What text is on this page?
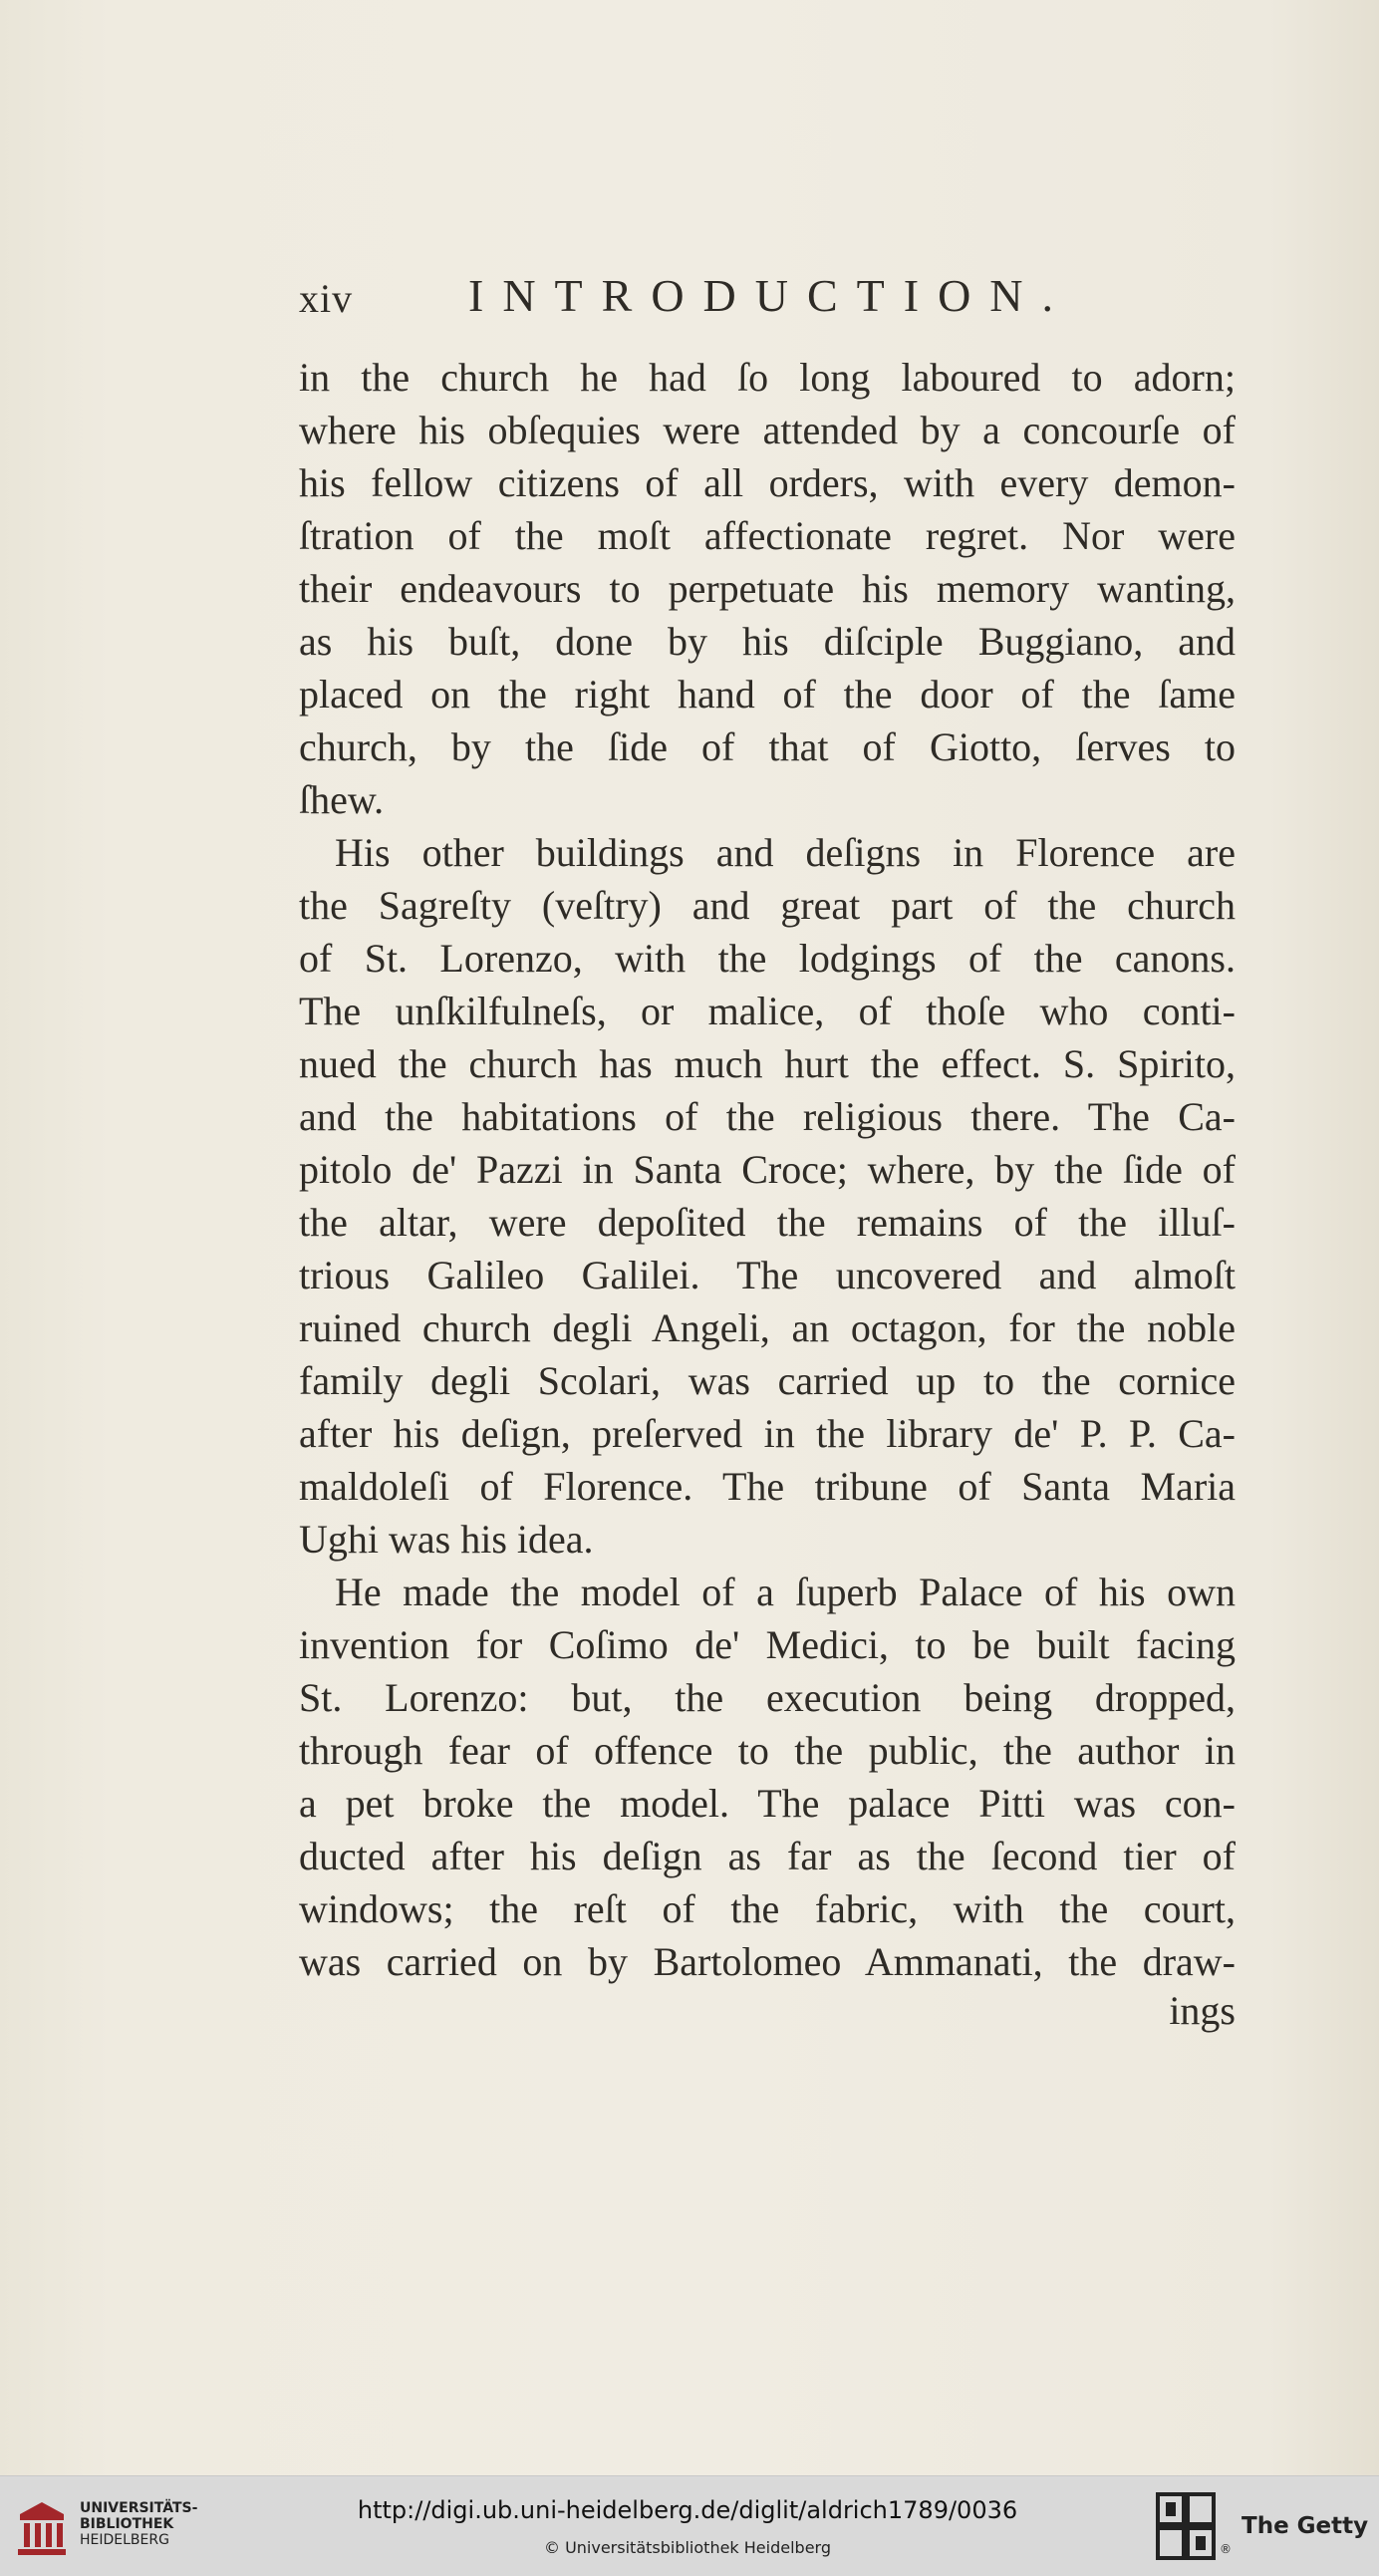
xiv	INTRODUCTION.
in the church he had ſo long laboured to adorn;
where his obſequies were attended by a concourſe of
his fellow citizens of all orders, with every demon-
ſtration of the moſt affectionate regret. Nor were
their endeavours to perpetuate his memory wanting,
as his buſt, done by his diſciple Buggiano, and
placed on the right hand of the door of the ſame
church, by the ſide of that of Giotto, ſerves to
ſhew.
His other buildings and deſigns in Florence are
the Sagreſty (veſtry) and great part of the church
of St. Lorenzo, with the lodgings of the canons.
The unſkilfulneſs, or malice, of thoſe who conti-
nued the church has much hurt the effect. S. Spirito,
and the habitations of the religious there. The Ca-
pitolo de' Pazzi in Santa Croce; where, by the ſide of
the altar, were depoſited the remains of the illuſ-
trious Galileo Galilei. The uncovered and almoſt
ruined church degli Angeli, an octagon, for the noble
family degli Scolari, was carried up to the cornice
after his deſign, preſerved in the library de' P. P. Ca-
maldoleſi of Florence. The tribune of Santa Maria
Ughi was his idea.
He made the model of a ſuperb Palace of his own
invention for Coſimo de' Medici, to be built facing
St. Lorenzo: but, the execution being dropped,
through fear of offence to the public, the author in
a pet broke the model. The palace Pitti was con-
ducted after his deſign as far as the ſecond tier of
windows; the reſt of the fabric, with the court,
was carried on by Bartolomeo Ammanati, the draw-
ings
UNIVERSITÄTS-
BIBLIOTHEK
HEIDELBERG
http://digi.ub.uni-heidelberg.de/diglit/aldrich1789/0036
© Universitätsbibliothek Heidelberg	®
The Getty
